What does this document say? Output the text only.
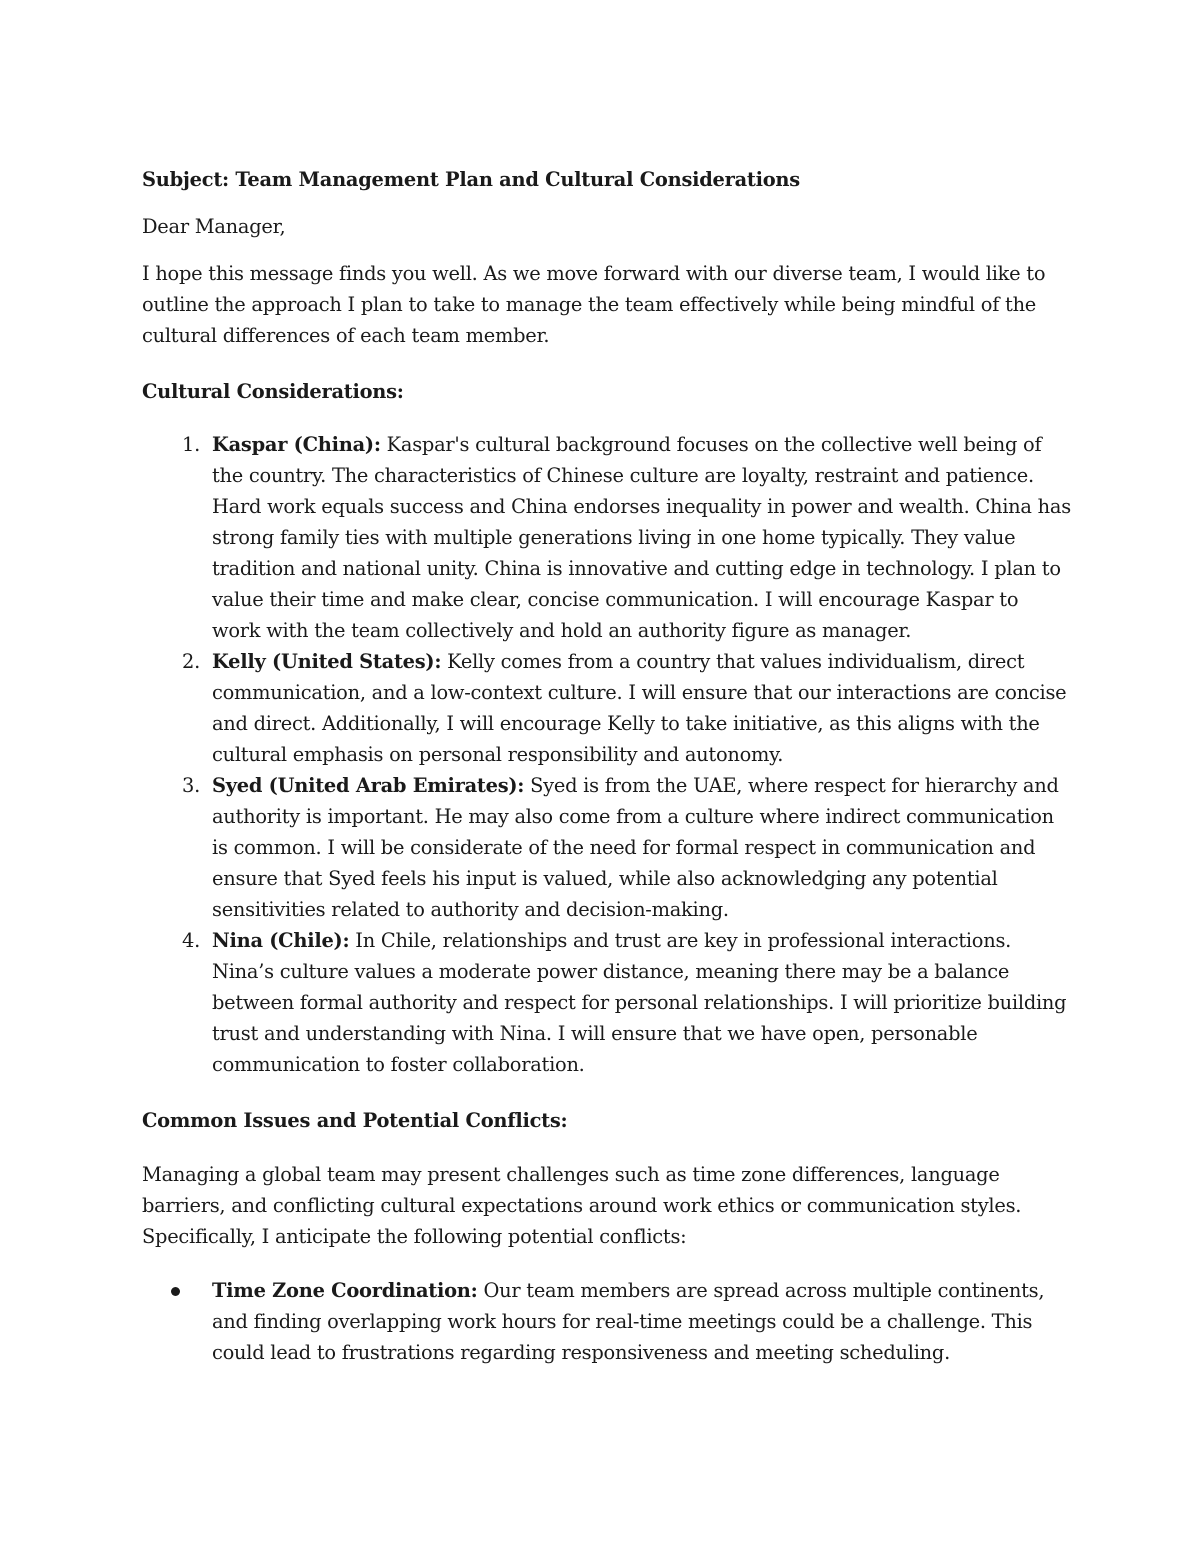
Subject: Team Management Plan and Cultural Considerations

Dear Manager,

I hope this message finds you well. As we move forward with our diverse team, I would like to outline the approach I plan to take to manage the team effectively while being mindful of the cultural differences of each team member.

Cultural Considerations:

1 . Kaspar (China): Kaspar's cultural background focuses on the collective well being of the country. The characteristics of Chinese culture are loyalty, restraint and patience. Hard work equals success and China endorses inequality in power and wealth. China has strong family ties with multiple generations living in one home typically. They value tradition and national unity. China is innovative and cutting edge in technology. I plan to value their time and make clear, concise communication. I will encourage Kaspar to work with the team collectively and hold an authority figure as manager.
2 . Kelly (United States): Kelly comes from a country that values individualism, direct communication, and a low-context culture. I will ensure that our interactions are concise and direct. Additionally, I will encourage Kelly to take initiative, as this aligns with the cultural emphasis on personal responsibility and autonomy.
3 . Syed (United Arab Emirates): Syed is from the UAE, where respect for hierarchy and authority is important. He may also come from a culture where indirect communication is common. I will be considerate of the need for formal respect in communication and ensure that Syed feels his input is valued, while also acknowledging any potential sensitivities related to authority and decision-making.
4 . Nina (Chile): In Chile, relationships and trust are key in professional interactions. Nina’s culture values a moderate power distance, meaning there may be a balance between formal authority and respect for personal relationships. I will prioritize building trust and understanding with Nina. I will ensure that we have open, personable communication to foster collaboration.

Common Issues and Potential Conflicts:

Managing a global team may present challenges such as time zone differences, language barriers, and conflicting cultural expectations around work ethics or communication styles. Specifically, I anticipate the following potential conflicts:

Time Zone Coordination: Our team members are spread across multiple continents, and finding overlapping work hours for real-time meetings could be a challenge. This could lead to frustrations regarding responsiveness and meeting scheduling.
